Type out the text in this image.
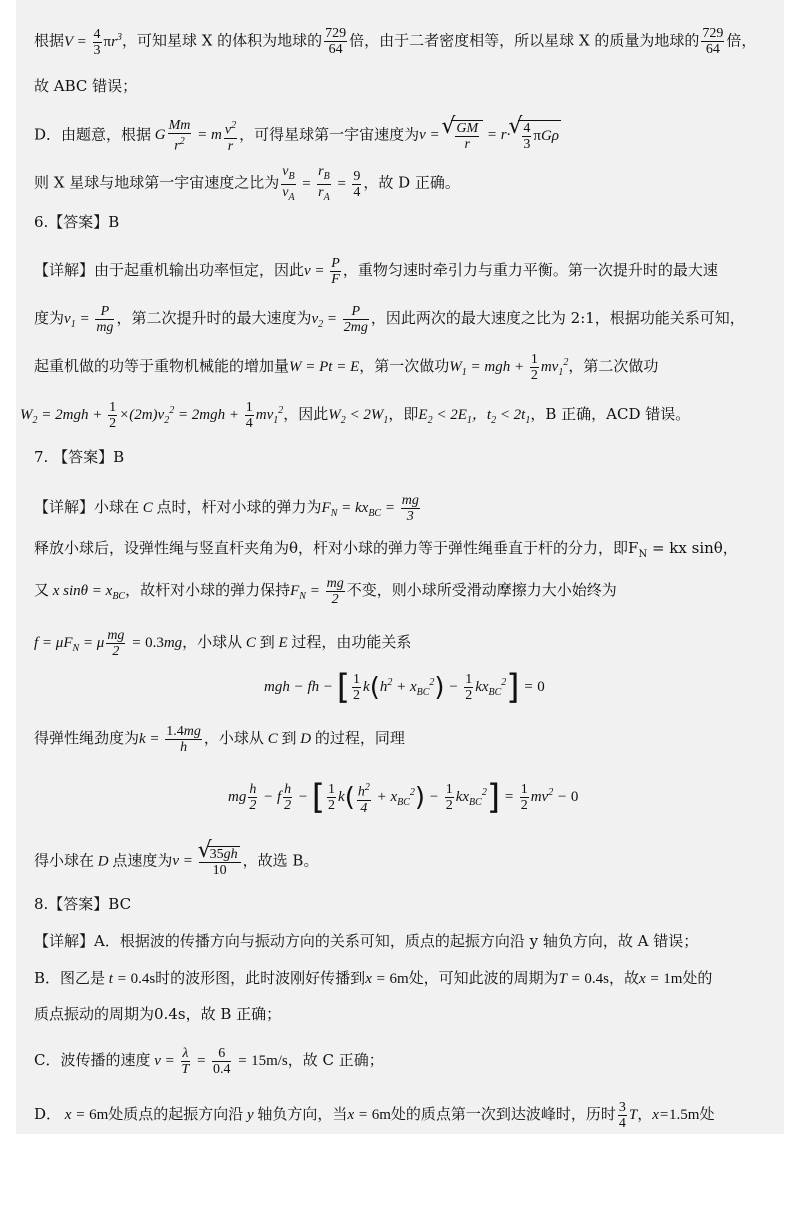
根据$V = \frac{4}{3} \pi r^3$，可知星球 X 的体积为地球的 $\frac{729}{64}$ 倍，由于二者密度相等，所以星球 X 的质量为地球的 $\frac{729}{64}$ 倍，
故 ABC 错误；
D．由题意，根据 G $\frac{Mm}{r^2} = m \frac{v^2}{r}$ ，可得星球第一宇宙速度为v = √ $\frac{GM}{r} = r\cdot$ √ $\frac{4}{3}$ πGρ
则 X 星球与地球第一宇宙速度之比为 $\frac{v_B}{v_A} = \frac{r_B}{r_A} = \frac{9}{4}$ ，故 D 正确。
6.【答案】B
【详解】由于起重机输出功率恒定，因此$v = \frac{P}{F}$ ，重物匀速时牵引力与重力平衡。第一次提升时的最大速
度为$v_1 = \frac{P}{mg}$ ，第二次提升时的最大速度为$v_2 = \frac{P}{2mg}$ ，因此两次的最大速度之比为 2:1，根据功能关系可知，
起重机做的功等于重物机械能的增加量W = Pt = E，第一次做功$W_1$ = mgh + $\frac{1}{2} mv_1^2$，第二次做功
$W_2 = 2mgh + \frac{1}{2} \times(2m)v_2^2 = 2mgh + \frac{1}{4} mv_1^2$，因此$W_2 < 2W_1$，即$E_2 < 2E_1$，$t_2 < 2t_1$，B 正确，ACD 错误。
7. 【答案】B
【详解】小球在 C 点时，杆对小球的弹力为$F_N = kx_{BC} = \frac{mg}{3}$
释放小球后，设弹性绳与竖直杆夹角为θ，杆对小球的弹力等于弹性绳垂直于杆的分力，即$F_N$ = kx sinθ，
又 x $\sin\theta = x_{BC}$，故杆对小球的弹力保持$F_N = \frac{mg}{2}$ 不变，则小球所受滑动摩擦力大小始终为
$f = \mu F_N = \mu \frac{mg}{2} = 0.3mg$，小球从 C 到 E 过程，由功能关系
mgh − fh − [ $\frac{1}{2} k(h^2 + x_{BC}^2) - \frac{1}{2} kx_{BC}^2] = 0$
得弹性绳劲度为$k = \frac{1.4mg}{h}$ ，小球从 C 到 D 的过程，同理
mg $\frac{h}{2} - f \frac{h}{2}$ − [ $\frac{1}{2} k( \frac{h^2}{4} + x_{BC}^2) - \frac{1}{2} kx_{BC}^2] = \frac{1}{2} mv^2 - 0$
得小球在 D 点速度为v = √ $\frac{35gh}{10}$ ，故选 B。
8.【答案】BC
【详解】A．根据波的传播方向与振动方向的关系可知，质点的起振方向沿 y 轴负方向，故 A 错误；
B．图乙是 t = 0.4s时的波形图，此时波刚好传播到x = 6m处，可知此波的周期为T = 0.4s，故x = 1m处的
质点振动的周期为0.4s，故 B 正确；
C．波传播的速度 $v = \frac{\lambda}{T} = \frac{6}{0.4} = 15m/s$，故 C 正确；
D． x = 6m处质点的起振方向沿 y 轴负方向，当x = 6m处的质点第一次到达波峰时，历时 $\frac{3}{4}$ T，x=1.5m处
